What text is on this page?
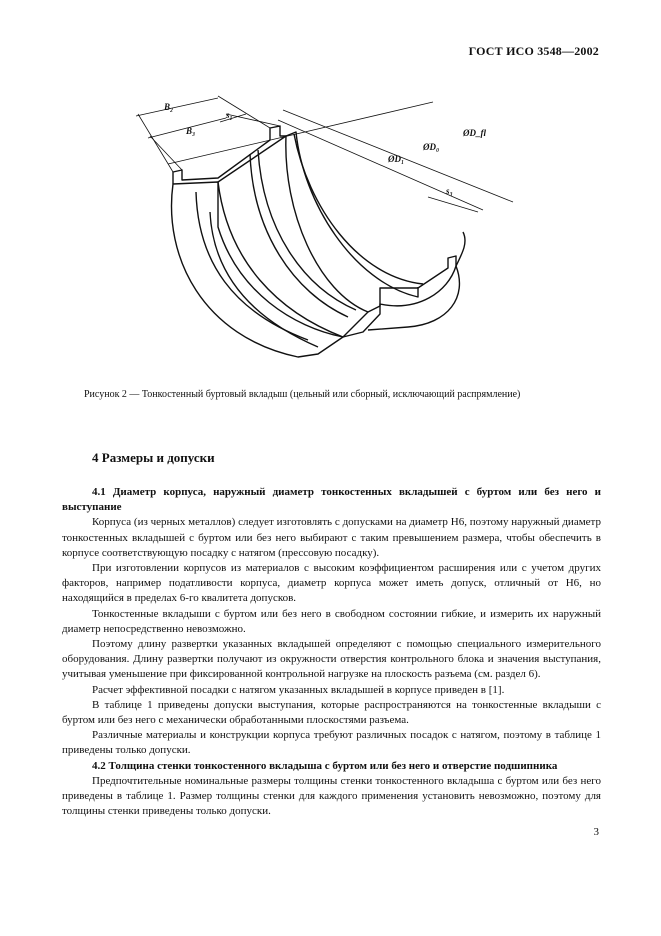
ГОСТ ИСО 3548—2002
B₂
B₃
s₁
ØD₁
ØD₀
ØD_fl
s₃
Рисунок 2 — Тонкостенный буртовый вкладыш (цельный или сборный, исключающий распрямление)
4 Размеры и допуски

4.1 Диаметр корпуса, наружный диаметр тонкостенных вкладышей с буртом или без него и выступание

Корпуса (из черных металлов) следует изготовлять с допусками на диаметр Н6, поэтому наружный диаметр тонкостенных вкладышей с буртом или без него выбирают с таким превышением размера, чтобы обеспечить в корпусе соответствующую посадку с натягом (прессовую посадку).

При изготовлении корпусов из материалов с высоким коэффициентом расширения или с учетом других факторов, например податливости корпуса, диаметр корпуса может иметь допуск, отличный от Н6, но находящийся в пределах 6-го квалитета допусков.

Тонкостенные вкладыши с буртом или без него в свободном состоянии гибкие, и измерить их наружный диаметр непосредственно невозможно.

Поэтому длину развертки указанных вкладышей определяют с помощью специального измерительного оборудования. Длину развертки получают из окружности отверстия контрольного блока и значения выступания, учитывая уменьшение при фиксированной контрольной нагрузке на плоскость разъема (см. раздел 6).

Расчет эффективной посадки с натягом указанных вкладышей в корпусе приведен в [1].

В таблице 1 приведены допуски выступания, которые распространяются на тонкостенные вкладыши с буртом или без него с механически обработанными плоскостями разъема.

Различные материалы и конструкции корпуса требуют различных посадок с натягом, поэтому в таблице 1 приведены только допуски.

4.2 Толщина стенки тонкостенного вкладыша с буртом или без него и отверстие подшипника

Предпочтительные номинальные размеры толщины стенки тонкостенного вкладыша с буртом или без него приведены в таблице 1. Размер толщины стенки для каждого применения установить невозможно, поэтому для толщины стенки приведены только допуски.

3
